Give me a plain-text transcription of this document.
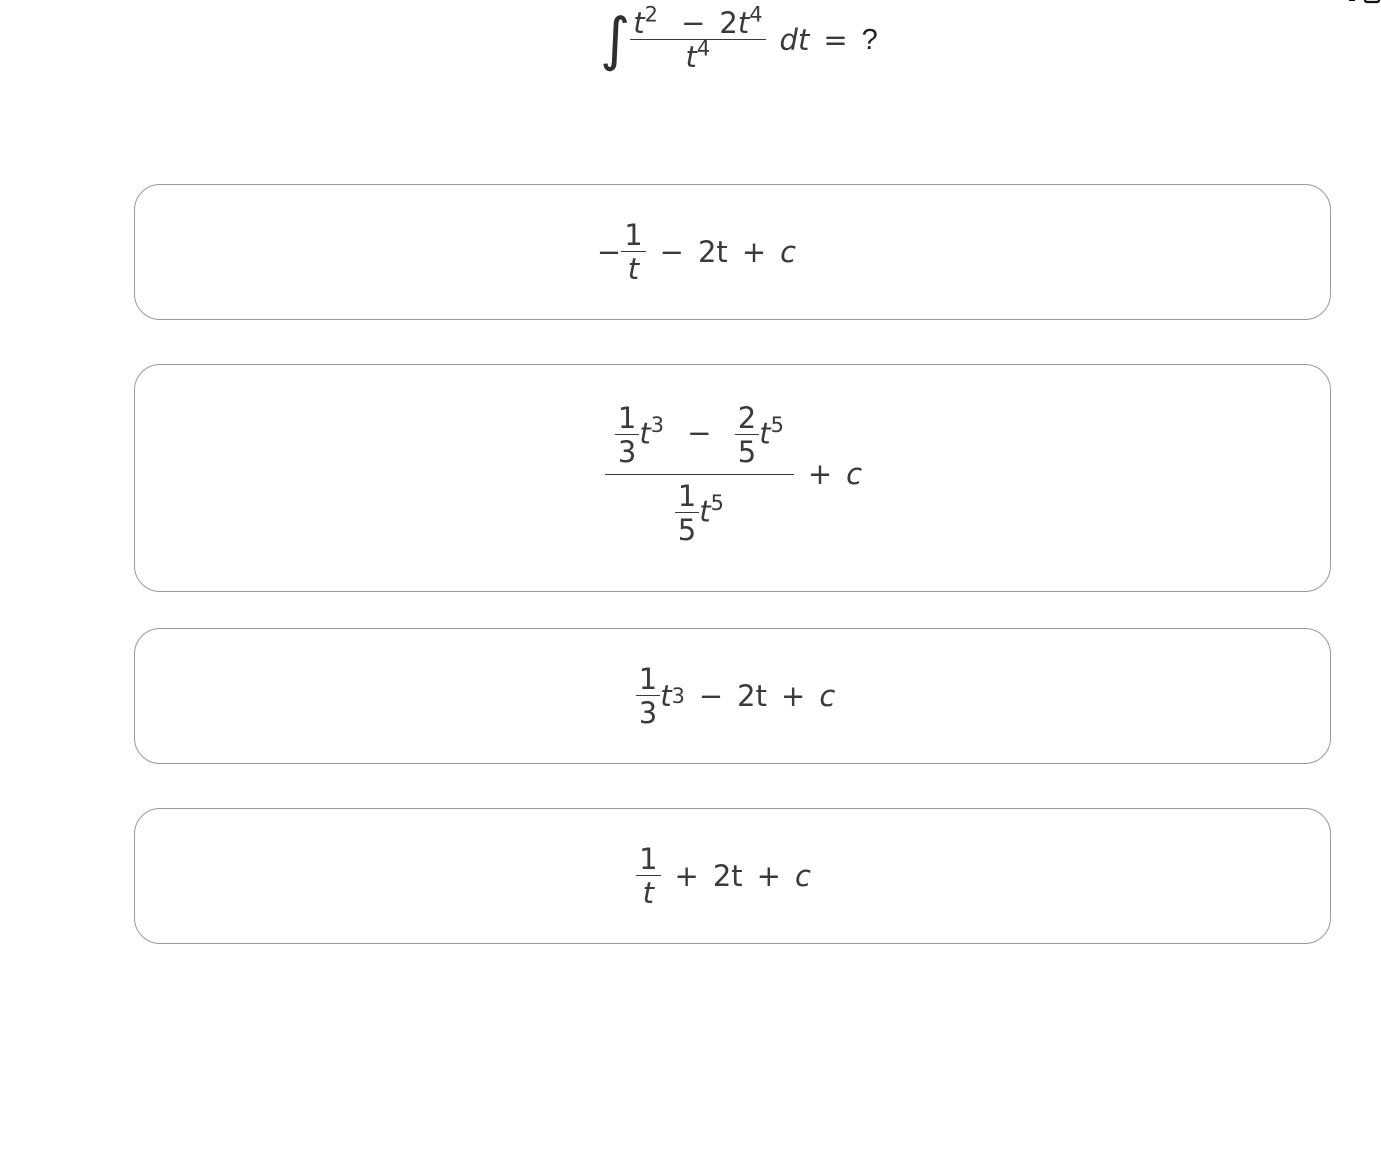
∫ $\frac{t^2 - 2t^4}{t^4}$ dt = ?
− $\frac{1}{t} - 2t + c$
$\frac{1}{3} t^3 - \frac{2}{5} t^5$
$\frac{1}{5} t^5$
+ c
$\frac{1}{3}$ t 3 − 2t + c
$\frac{1}{t} + 2t + c$
